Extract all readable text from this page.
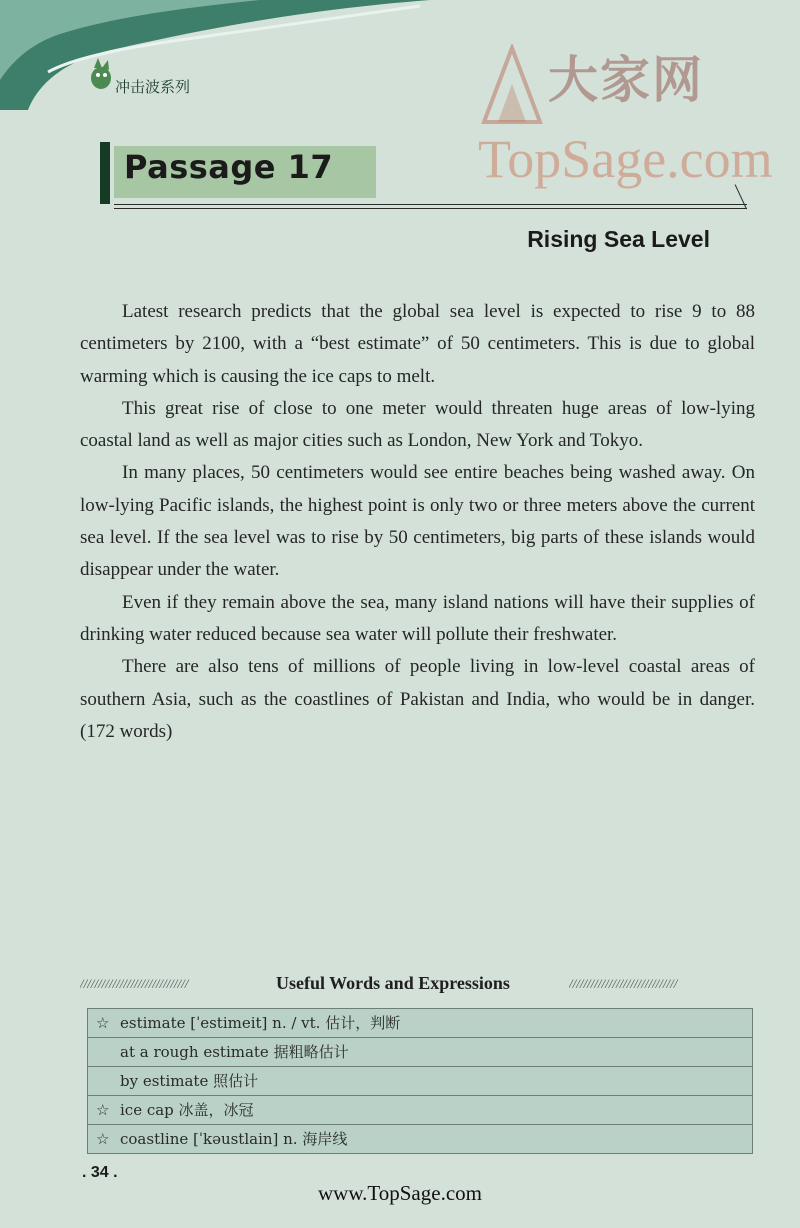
冲击波系列	大家网
TopSage.com
Passage 17
Rising Sea Level

Latest research predicts that the global sea level is expected to rise 9 to 88 centimeters by 2100, with a “best estimate” of 50 centimeters. This is due to global warming which is causing the ice caps to melt.

This great rise of close to one meter would threaten huge areas of low-lying coastal land as well as major cities such as London, New York and Tokyo.

In many places, 50 centimeters would see entire beaches being washed away. On low-lying Pacific islands, the highest point is only two or three meters above the current sea level. If the sea level was to rise by 50 centimeters, big parts of these islands would disappear under the water.

Even if they remain above the sea, many island nations will have their supplies of drinking water reduced because sea water will pollute their freshwater.

There are also tens of millions of people living in low-level coastal areas of southern Asia, such as the coastlines of Pakistan and India, who would be in danger. (172 words)

//////////////////////////////	Useful Words and Expressions	//////////////////////////////
☆ estimate [ˈestimeit] n. / vt. 估计，判断
at a rough estimate 据粗略估计
by estimate 照估计
☆ ice cap 冰盖，冰冠
☆ coastline [ˈkəustlain] n. 海岸线
. 34 .
www.TopSage.com
